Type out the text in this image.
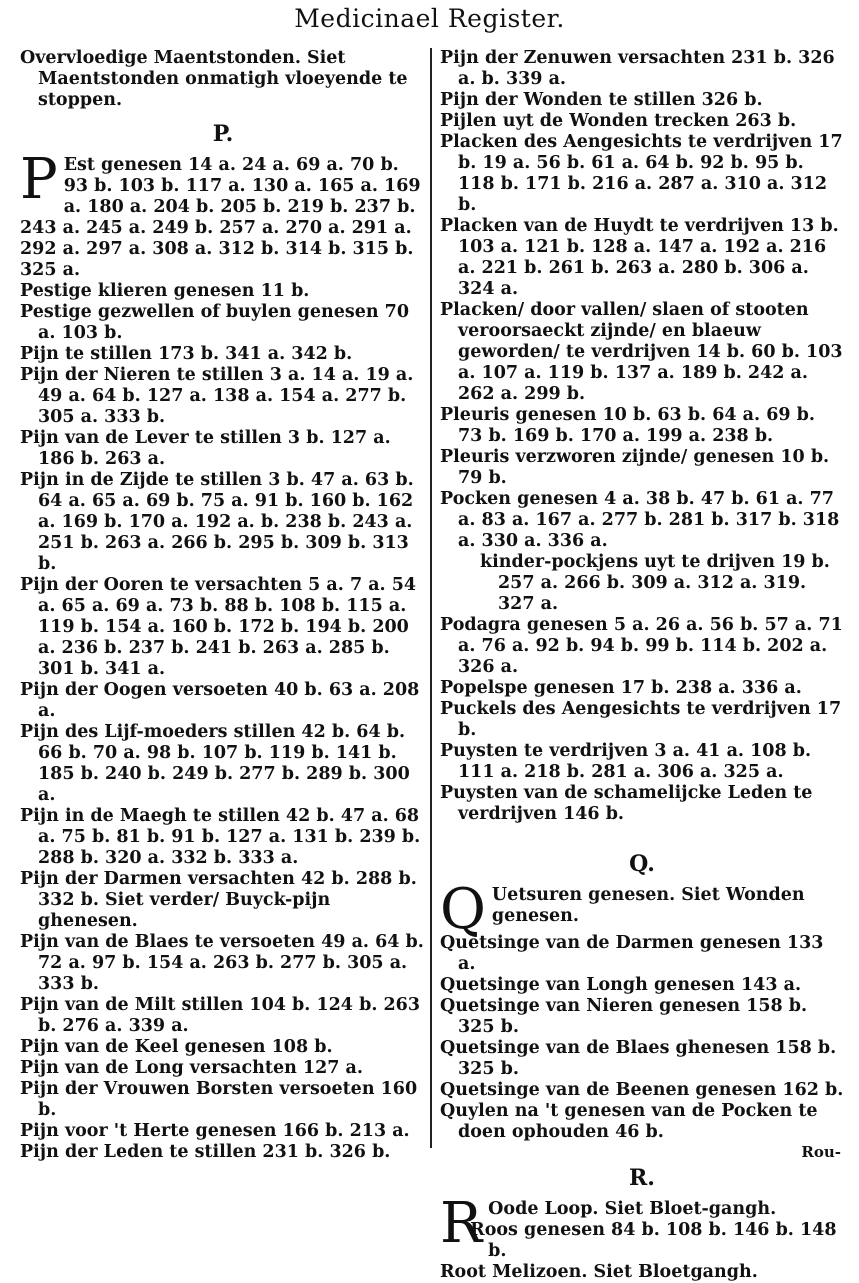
Medicinael Register.

Overvloedige Maentstonden. Siet Maentstonden onmatigh vloeyende te stoppen.

P.

P Est genesen 14 a. 24 a. 69 a. 70 b. 93 b. 103 b. 117 a. 130 a. 165 a. 169 a. 180 a. 204 b. 205 b. 219 b. 237 b. 243 a. 245 a. 249 b. 257 a. 270 a. 291 a. 292 a. 297 a. 308 a. 312 b. 314 b. 315 b. 325 a.

Pestige klieren genesen 11 b.

Pestige gezwellen of buylen genesen 70 a. 103 b.

Pijn te stillen 173 b. 341 a. 342 b.

Pijn der Nieren te stillen 3 a. 14 a. 19 a. 49 a. 64 b. 127 a. 138 a. 154 a. 277 b. 305 a. 333 b.

Pijn van de Lever te stillen 3 b. 127 a. 186 b. 263 a.

Pijn in de Zijde te stillen 3 b. 47 a. 63 b. 64 a. 65 a. 69 b. 75 a. 91 b. 160 b. 162 a. 169 b. 170 a. 192 a. b. 238 b. 243 a. 251 b. 263 a. 266 b. 295 b. 309 b. 313 b.

Pijn der Ooren te versachten 5 a. 7 a. 54 a. 65 a. 69 a. 73 b. 88 b. 108 b. 115 a. 119 b. 154 a. 160 b. 172 b. 194 b. 200 a. 236 b. 237 b. 241 b. 263 a. 285 b. 301 b. 341 a.

Pijn der Oogen versoeten 40 b. 63 a. 208 a.

Pijn des Lijf-moeders stillen 42 b. 64 b. 66 b. 70 a. 98 b. 107 b. 119 b. 141 b. 185 b. 240 b. 249 b. 277 b. 289 b. 300 a.

Pijn in de Maegh te stillen 42 b. 47 a. 68 a. 75 b. 81 b. 91 b. 127 a. 131 b. 239 b. 288 b. 320 a. 332 b. 333 a.

Pijn der Darmen versachten 42 b. 288 b. 332 b. Siet verder/ Buyck-pijn ghenesen.

Pijn van de Blaes te versoeten 49 a. 64 b. 72 a. 97 b. 154 a. 263 b. 277 b. 305 a. 333 b.

Pijn van de Milt stillen 104 b. 124 b. 263 b. 276 a. 339 a.

Pijn van de Keel genesen 108 b.

Pijn van de Long versachten 127 a.

Pijn der Vrouwen Borsten versoeten 160 b.

Pijn voor 't Herte genesen 166 b. 213 a.

Pijn der Leden te stillen 231 b. 326 b.

Pijn der Zenuwen versachten 231 b. 326 a. b. 339 a.

Pijn der Wonden te stillen 326 b.

Pijlen uyt de Wonden trecken 263 b.

Placken des Aengesichts te verdrijven 17 b. 19 a. 56 b. 61 a. 64 b. 92 b. 95 b. 118 b. 171 b. 216 a. 287 a. 310 a. 312 b.

Placken van de Huydt te verdrijven 13 b. 103 a. 121 b. 128 a. 147 a. 192 a. 216 a. 221 b. 261 b. 263 a. 280 b. 306 a. 324 a.

Placken/ door vallen/ slaen of stooten veroorsaeckt zijnde/ en blaeuw geworden/ te verdrijven 14 b. 60 b. 103 a. 107 a. 119 b. 137 a. 189 b. 242 a. 262 a. 299 b.

Pleuris genesen 10 b. 63 b. 64 a. 69 b. 73 b. 169 b. 170 a. 199 a. 238 b.

Pleuris verzworen zijnde/ genesen 10 b. 79 b.

Pocken genesen 4 a. 38 b. 47 b. 61 a. 77 a. 83 a. 167 a. 277 b. 281 b. 317 b. 318 a. 330 a. 336 a.

kinder-pockjens uyt te drijven 19 b. 257 a. 266 b. 309 a. 312 a. 319. 327 a.

Podagra genesen 5 a. 26 a. 56 b. 57 a. 71 a. 76 a. 92 b. 94 b. 99 b. 114 b. 202 a. 326 a.

Popelspe genesen 17 b. 238 a. 336 a.

Puckels des Aengesichts te verdrijven 17 b.

Puysten te verdrijven 3 a. 41 a. 108 b. 111 a. 218 b. 281 a. 306 a. 325 a.

Puysten van de schamelijcke Leden te verdrijven 146 b.

Q.

Q Uetsuren genesen. Siet Wonden genesen.

Quetsinge van de Darmen genesen 133 a.

Quetsinge van Longh genesen 143 a.

Quetsinge van Nieren genesen 158 b. 325 b.

Quetsinge van de Blaes ghenesen 158 b. 325 b.

Quetsinge van de Beenen genesen 162 b.

Quylen na 't genesen van de Pocken te doen ophouden 46 b.

R.

R Oode Loop. Siet Bloet-gangh.

Roos genesen 84 b. 108 b. 146 b. 148 b.

Root Melizoen. Siet Bloetgangh.

Rou-
